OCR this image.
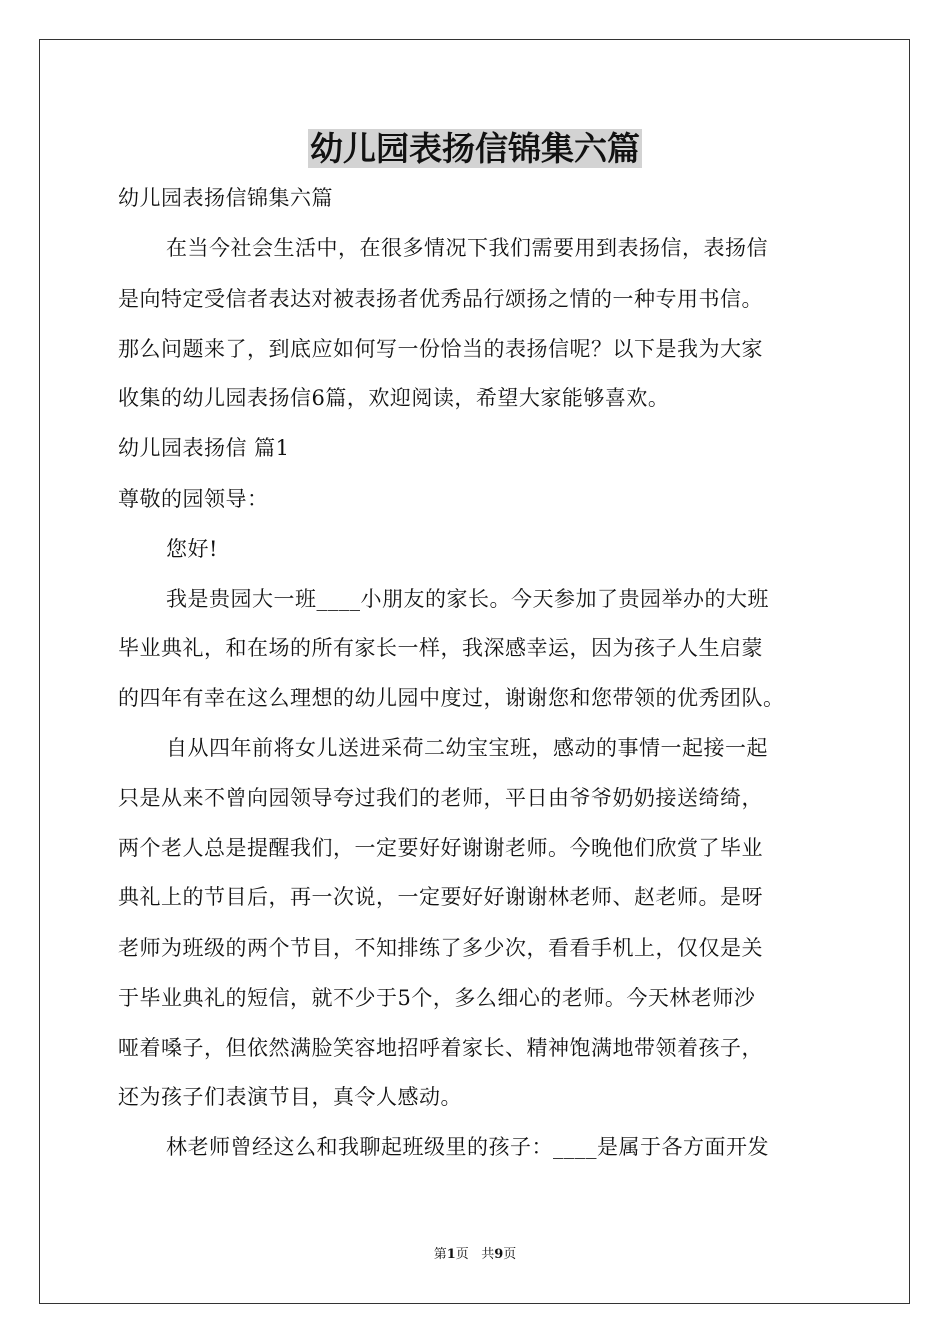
幼儿园表扬信锦集六篇
幼儿园表扬信锦集六篇
在当今社会生活中，在很多情况下我们需要用到表扬信，表扬信
是向特定受信者表达对被表扬者优秀品行颂扬之情的一种专用书信。
那么问题来了，到底应如何写一份恰当的表扬信呢？以下是我为大家
收集的幼儿园表扬信6篇，欢迎阅读，希望大家能够喜欢。
幼儿园表扬信 篇1
尊敬的园领导：
您好!
我是贵园大一班____小朋友的家长。今天参加了贵园举办的大班
毕业典礼，和在场的所有家长一样，我深感幸运，因为孩子人生启蒙
的四年有幸在这么理想的幼儿园中度过，谢谢您和您带领的优秀团队。
自从四年前将女儿送进采荷二幼宝宝班，感动的事情一起接一起
只是从来不曾向园领导夸过我们的老师，平日由爷爷奶奶接送绮绮，
两个老人总是提醒我们，一定要好好谢谢老师。今晚他们欣赏了毕业
典礼上的节目后，再一次说，一定要好好谢谢林老师、赵老师。是呀
老师为班级的两个节目，不知排练了多少次，看看手机上，仅仅是关
于毕业典礼的短信，就不少于5个，多么细心的老师。今天林老师沙
哑着嗓子，但依然满脸笑容地招呼着家长、精神饱满地带领着孩子，
还为孩子们表演节目，真令人感动。
林老师曾经这么和我聊起班级里的孩子：____是属于各方面开发
第1页   共9页
